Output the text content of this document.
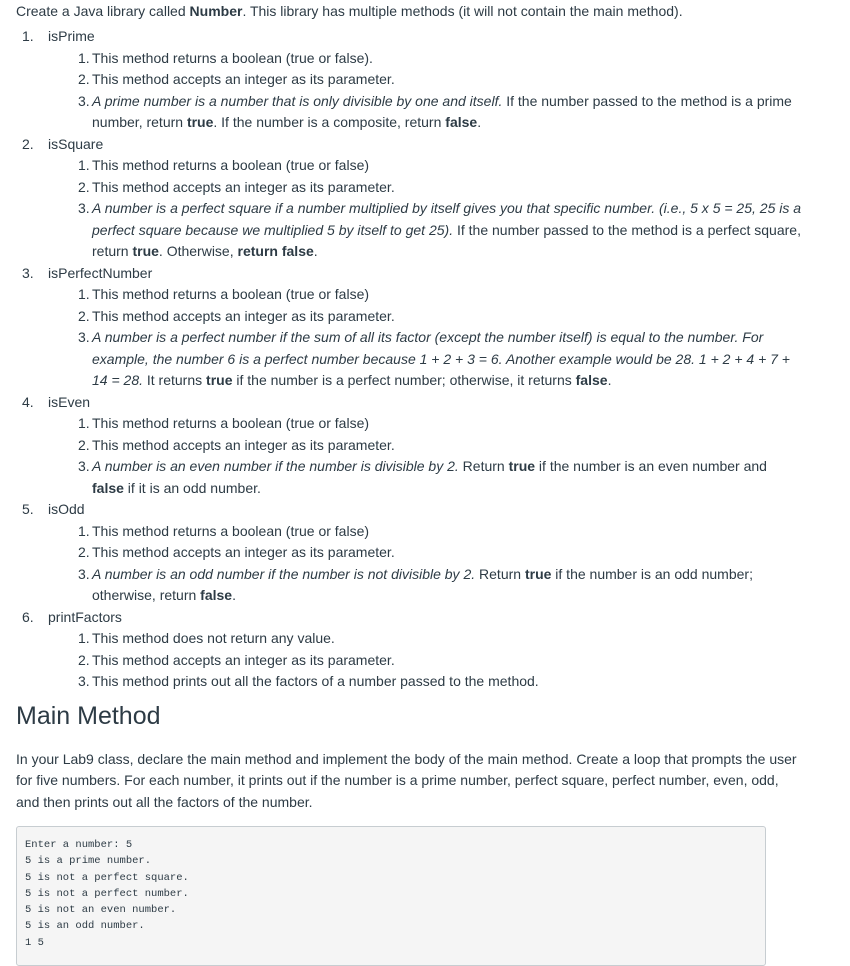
Create a Java library called Number. This library has multiple methods (it will not contain the main method).

1. isPrime
1. This method returns a boolean (true or false).
2. This method accepts an integer as its parameter.
3. A prime number is a number that is only divisible by one and itself. If the number passed to the method is a prime number, return true. If the number is a composite, return false.
2. isSquare
1. This method returns a boolean (true or false)
2. This method accepts an integer as its parameter.
3. A number is a perfect square if a number multiplied by itself gives you that specific number. (i.e., 5 x 5 = 25, 25 is a perfect square because we multiplied 5 by itself to get 25). If the number passed to the method is a perfect square, return true. Otherwise, return false.
3. isPerfectNumber
1. This method returns a boolean (true or false)
2. This method accepts an integer as its parameter.
3. A number is a perfect number if the sum of all its factor (except the number itself) is equal to the number. For example, the number 6 is a perfect number because 1 + 2 + 3 = 6. Another example would be 28. 1 + 2 + 4 + 7 + 14 = 28. It returns true if the number is a perfect number; otherwise, it returns false.
4. isEven
1. This method returns a boolean (true or false)
2. This method accepts an integer as its parameter.
3. A number is an even number if the number is divisible by 2. Return true if the number is an even number and false if it is an odd number.
5. isOdd
1. This method returns a boolean (true or false)
2. This method accepts an integer as its parameter.
3. A number is an odd number if the number is not divisible by 2. Return true if the number is an odd number; otherwise, return false.
6. printFactors
1. This method does not return any value.
2. This method accepts an integer as its parameter.
3. This method prints out all the factors of a number passed to the method.
Main Method

In your Lab9 class, declare the main method and implement the body of the main method. Create a loop that prompts the user for five numbers. For each number, it prints out if the number is a prime number, perfect square, perfect number, even, odd, and then prints out all the factors of the number.

Enter a number: 5
5 is a prime number.
5 is not a perfect square.
5 is not a perfect number.
5 is not an even number.
5 is an odd number.
1 5
